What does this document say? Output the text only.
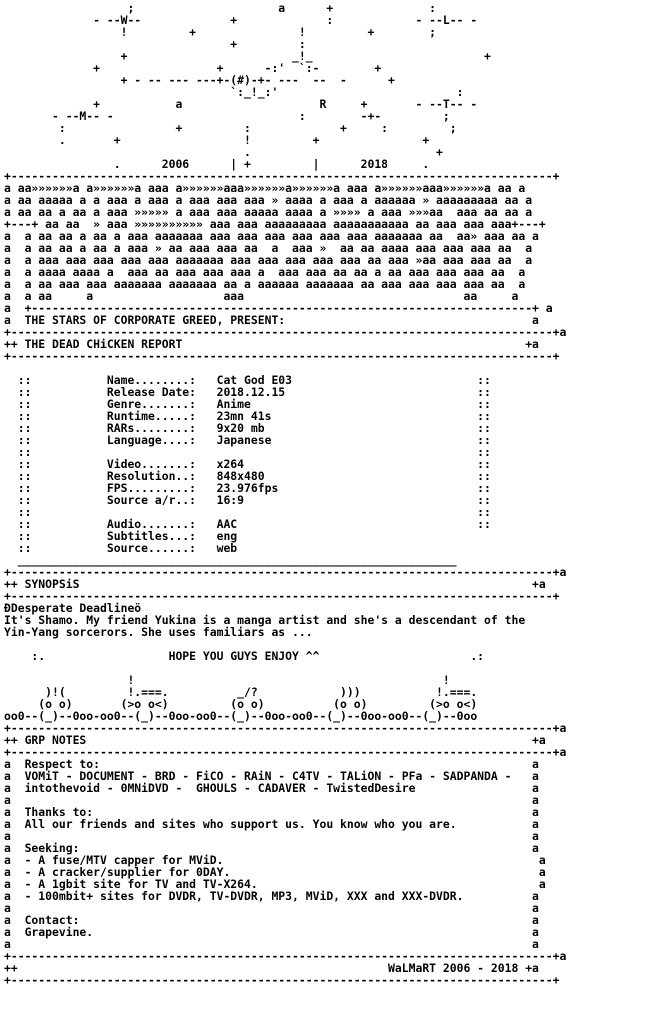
;                     a      +              :
- --W--             +             :            - --L-- -
!         +               !         +        ;
+         :
+                        _!_                         +
+                 +      -:'  `:-        +
+ - -- --- ---+-(#)-+- ---  --  -      +
`:_!_:'                          :
+           a                    R     +       - --T-- -
- --M-- -                           :        -+-         ;
:                +         :             +     :         ;
.       +                  !         +               +
.                           +
.      2006      | +         |      2018     .
+-------------------------------------------------------------------------------+
a aa»»»»»»a a»»»»»»a aaa a»»»»»»aaa»»»»»»a»»»»»»a aaa a»»»»»»aaa»»»»»»a aa a
a aa aaaaa a a aaa a aaa a aaa aaa aaa » aaaa a aaa a aaaaaa » aaaaaaaaa aa a
a aa aa a aa a aaa »»»»» a aaa aaa aaaaa aaaa a »»»» a aaa »»»aa  aaa aa aa a
+---+ aa aa  » aaa »»»»»»»»»» aaa aaa aaaaaaaaa aaaaaaaaaaa aa aaa aaa aaa+---+
a  a aa aa a aa a aaa aaaaaaa aaa aaa aaa aaa aaa aaa aaaaaaa aa  aa» aaa aa a
a  a aa aa a aa a aaa » aa aaa aaa aa  a  aaa »  aa aa aaaa aaa aaa aaa aa  a
a  a aaa aaa aaa aaa aaa aaaaaaa aaa aaa aaa aaa aaa aa aaa »aa aaa aaa aa  a
a  a aaaa aaaa a  aaa aa aaa aaa aaa a  aaa aaa aa aa a aa aaa aaa aaa aa  a
a  a aa aaa aaa aaaaaaa aaaaaaa aa a aaaaaa aaaaaaa aa aaa aaa aaa aaa aa  a
a  a aa     a                   aaa                                aa     a
a  +-------------------------------------------------------------------------+ a
a  THE STARS OF CORPORATE GREED, PRESENT:                                    a
+-------------------------------------------------------------------------------+a
++ THE DEAD CHiCKEN REPORT                                                  +a
+-------------------------------------------------------------------------------+

::           Name........:   Cat God E03                           ::
::           Release Date:   2018.12.15                            ::
::           Genre.......:   Anime                                 ::
::           Runtime.....:   23mn 41s                              ::
::           RARs........:   9x20 mb                               ::
::           Language....:   Japanese                              ::
::                                                                 ::
::           Video.......:   x264                                  ::
::           Resolution..:   848x480                               ::
::           FPS.........:   23.976fps                             ::
::           Source a/r..:   16:9                                  ::
::                                                                 ::
::           Audio.......:   AAC                                   ::
::           Subtitles...:   eng
::           Source......:   web
________________________________________________________________
+-------------------------------------------------------------------------------+a
++ SYNOPSiS                                                                  +a
+-------------------------------------------------------------------------------+
ÐDesperate Deadlineö
It's Shamo. My friend Yukina is a manga artist and she's a descendant of the
Yin-Yang sorcerors. She uses familiars as ...

:.                  HOPE YOU GUYS ENJOY ^^                      .:

!                                             !
)!(         !.===.          _/?            )))           !.===.
(o o)       (>o o<)         (o o)          (o o)         (>o o<)
oo0--(_)--0oo-oo0--(_)--0oo-oo0--(_)--0oo-oo0--(_)--0oo-oo0--(_)--0oo
+-------------------------------------------------------------------------------+a
++ GRP NOTES                                                                 +a
+-------------------------------------------------------------------------------+a
a  Respect to:                                                               a
a  VOMiT - DOCUMENT - BRD - FiCO - RAiN - C4TV - TALiON - PFa - SADPANDA -   a
a  intothevoid - 0MNiDVD -  GHOULS - CADAVER - TwistedDesire                 a
a                                                                            a
a  Thanks to:                                                                a
a  All our friends and sites who support us. You know who you are.           a
a                                                                            a
a  Seeking:                                                                  a
a  - A fuse/MTV capper for MViD.                                              a
a  - A cracker/supplier for 0DAY.                                             a
a  - A 1gbit site for TV and TV-X264.                                         a
a  - 100mbit+ sites for DVDR, TV-DVDR, MP3, MViD, XXX and XXX-DVDR.          a
a                                                                            a
a  Contact:                                                                  a
a  Grapevine.                                                                a
a                                                                            a
+-------------------------------------------------------------------------------+a
++                                                      WaLMaRT 2006 - 2018 +a
+-------------------------------------------------------------------------------+
